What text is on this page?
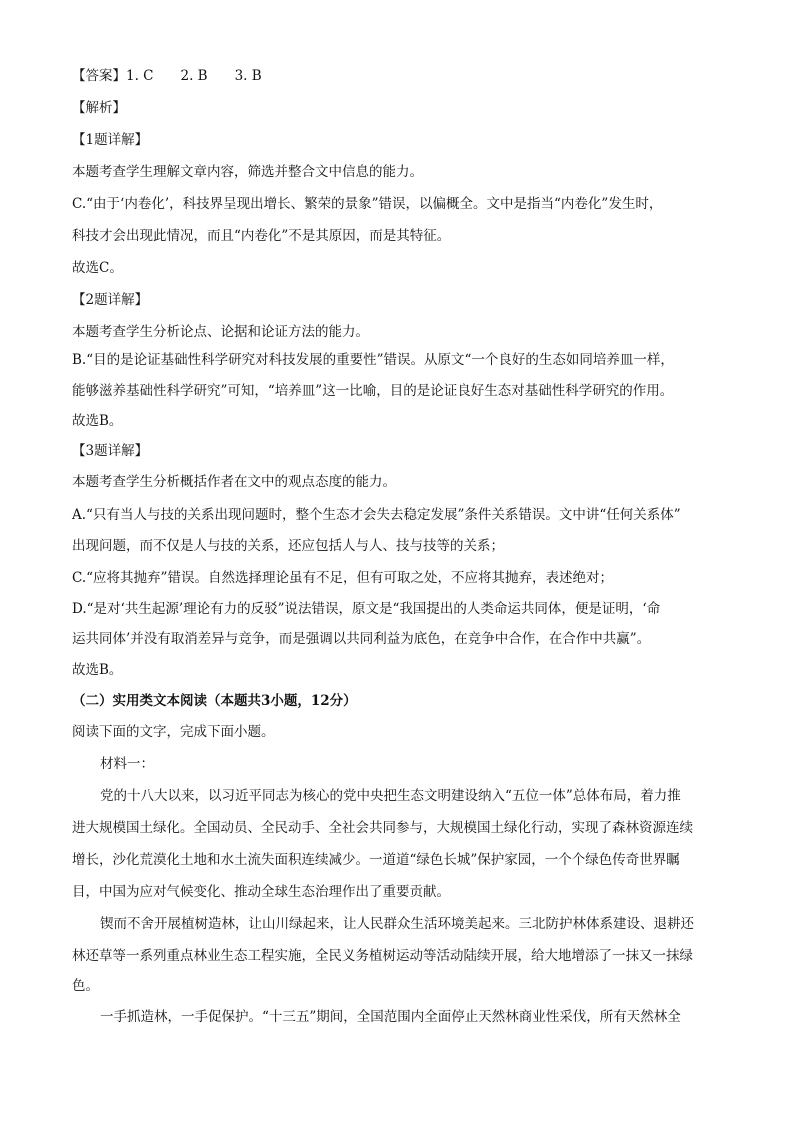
【答案】1. C　　2. B　　3. B
【解析】
【1题详解】
本题考查学生理解文章内容，筛选并整合文中信息的能力。
C.“由于‘内卷化’，科技界呈现出增长、繁荣的景象”错误，以偏概全。文中是指当“内卷化”发生时，
科技才会出现此情况，而且“内卷化”不是其原因，而是其特征。
故选C。
【2题详解】
本题考查学生分析论点、论据和论证方法的能力。
B.“目的是论证基础性科学研究对科技发展的重要性”错误。从原文“一个良好的生态如同培养皿一样，
能够滋养基础性科学研究”可知，“培养皿”这一比喻，目的是论证良好生态对基础性科学研究的作用。
故选B。
【3题详解】
本题考查学生分析概括作者在文中的观点态度的能力。
A.“只有当人与技的关系出现问题时，整个生态才会失去稳定发展”条件关系错误。文中讲“任何关系体”
出现问题，而不仅是人与技的关系，还应包括人与人、技与技等的关系；
C.“应将其抛弃”错误。自然选择理论虽有不足，但有可取之处，不应将其抛弃，表述绝对；
D.“是对‘共生起源’理论有力的反驳”说法错误，原文是“我国提出的人类命运共同体，便是证明，‘命
运共同体’并没有取消差异与竞争，而是强调以共同利益为底色，在竞争中合作，在合作中共赢”。
故选B。
（二）实用类文本阅读（本题共3小题，12分）
阅读下面的文字，完成下面小题。
材料一：
党的十八大以来，以习近平同志为核心的党中央把生态文明建设纳入“五位一体”总体布局，着力推
进大规模国土绿化。全国动员、全民动手、全社会共同参与，大规模国土绿化行动，实现了森林资源连续
增长，沙化荒漠化土地和水土流失面积连续减少。一道道“绿色长城”保护家园，一个个绿色传奇世界瞩
目，中国为应对气候变化、推动全球生态治理作出了重要贡献。
锲而不舍开展植树造林，让山川绿起来，让人民群众生活环境美起来。三北防护林体系建设、退耕还
林还草等一系列重点林业生态工程实施，全民义务植树运动等活动陆续开展，给大地增添了一抹又一抹绿
色。
一手抓造林，一手促保护。“十三五”期间，全国范围内全面停止天然林商业性采伐，所有天然林全
